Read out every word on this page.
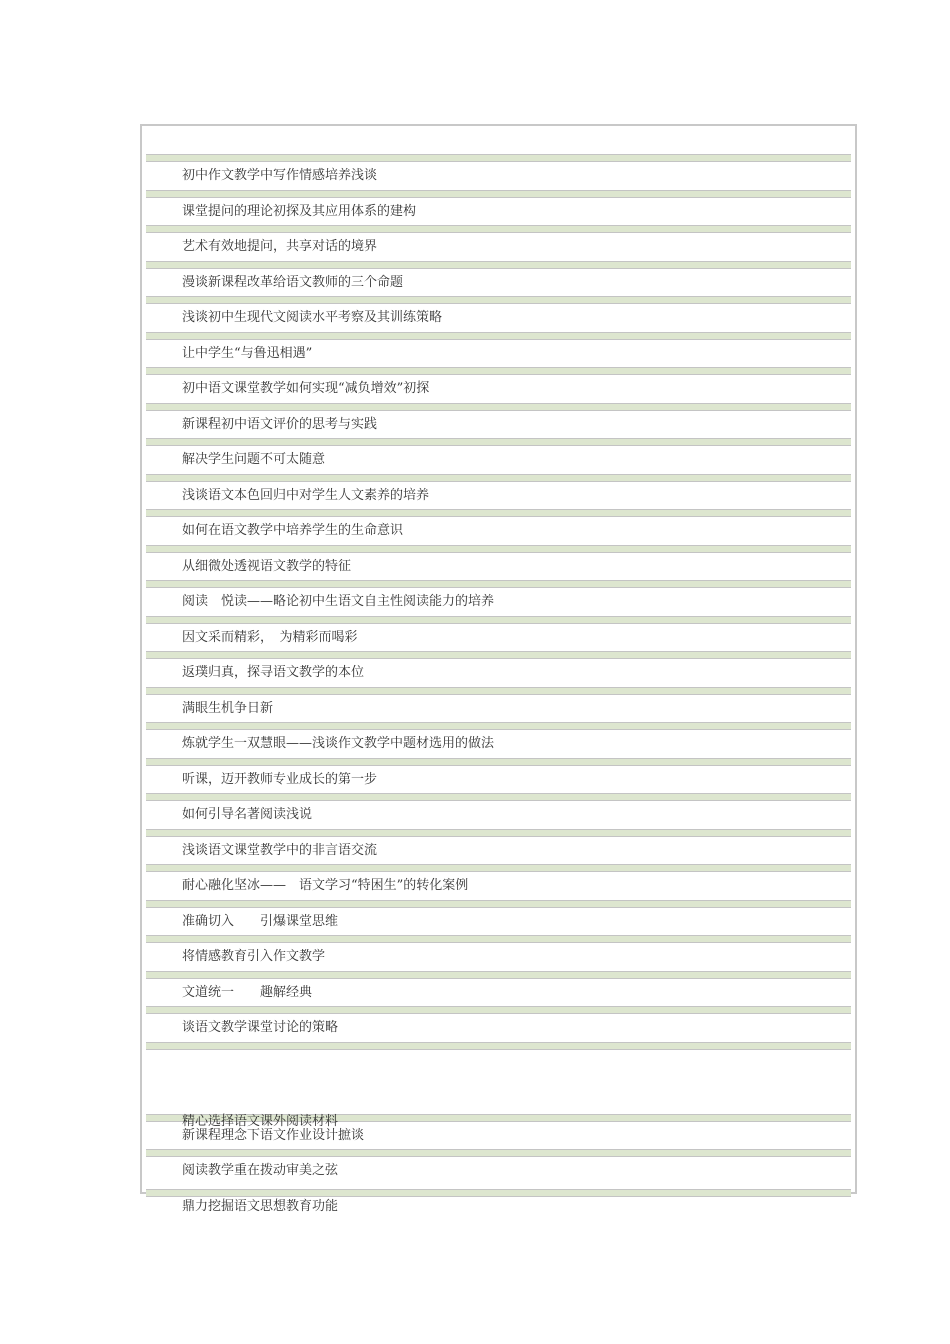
初中作文教学中写作情感培养浅谈
课堂提问的理论初探及其应用体系的建构
艺术有效地提问，共享对话的境界
漫谈新课程改革给语文教师的三个命题
浅谈初中生现代文阅读水平考察及其训练策略
让中学生“与鲁迅相遇”
初中语文课堂教学如何实现“减负增效”初探
新课程初中语文评价的思考与实践
解决学生问题不可太随意
浅谈语文本色回归中对学生人文素养的培养
如何在语文教学中培养学生的生命意识
从细微处透视语文教学的特征
阅读　悦读——略论初中生语文自主性阅读能力的培养
因文采而精彩，　为精彩而喝彩
返璞归真，探寻语文教学的本位
满眼生机争日新
炼就学生一双慧眼——浅谈作文教学中题材选用的做法
听课，迈开教师专业成长的第一步
如何引导名著阅读浅说
浅谈语文课堂教学中的非言语交流
耐心融化坚冰——　语文学习“特困生”的转化案例
准确切入　　引爆课堂思维
将情感教育引入作文教学
文道统一　　趣解经典
谈语文教学课堂讨论的策略

精心选择语文课外阅读材料

鼎力挖掘语文思想教育功能

新课程理念下语文作业设计摭谈
阅读教学重在拨动审美之弦
